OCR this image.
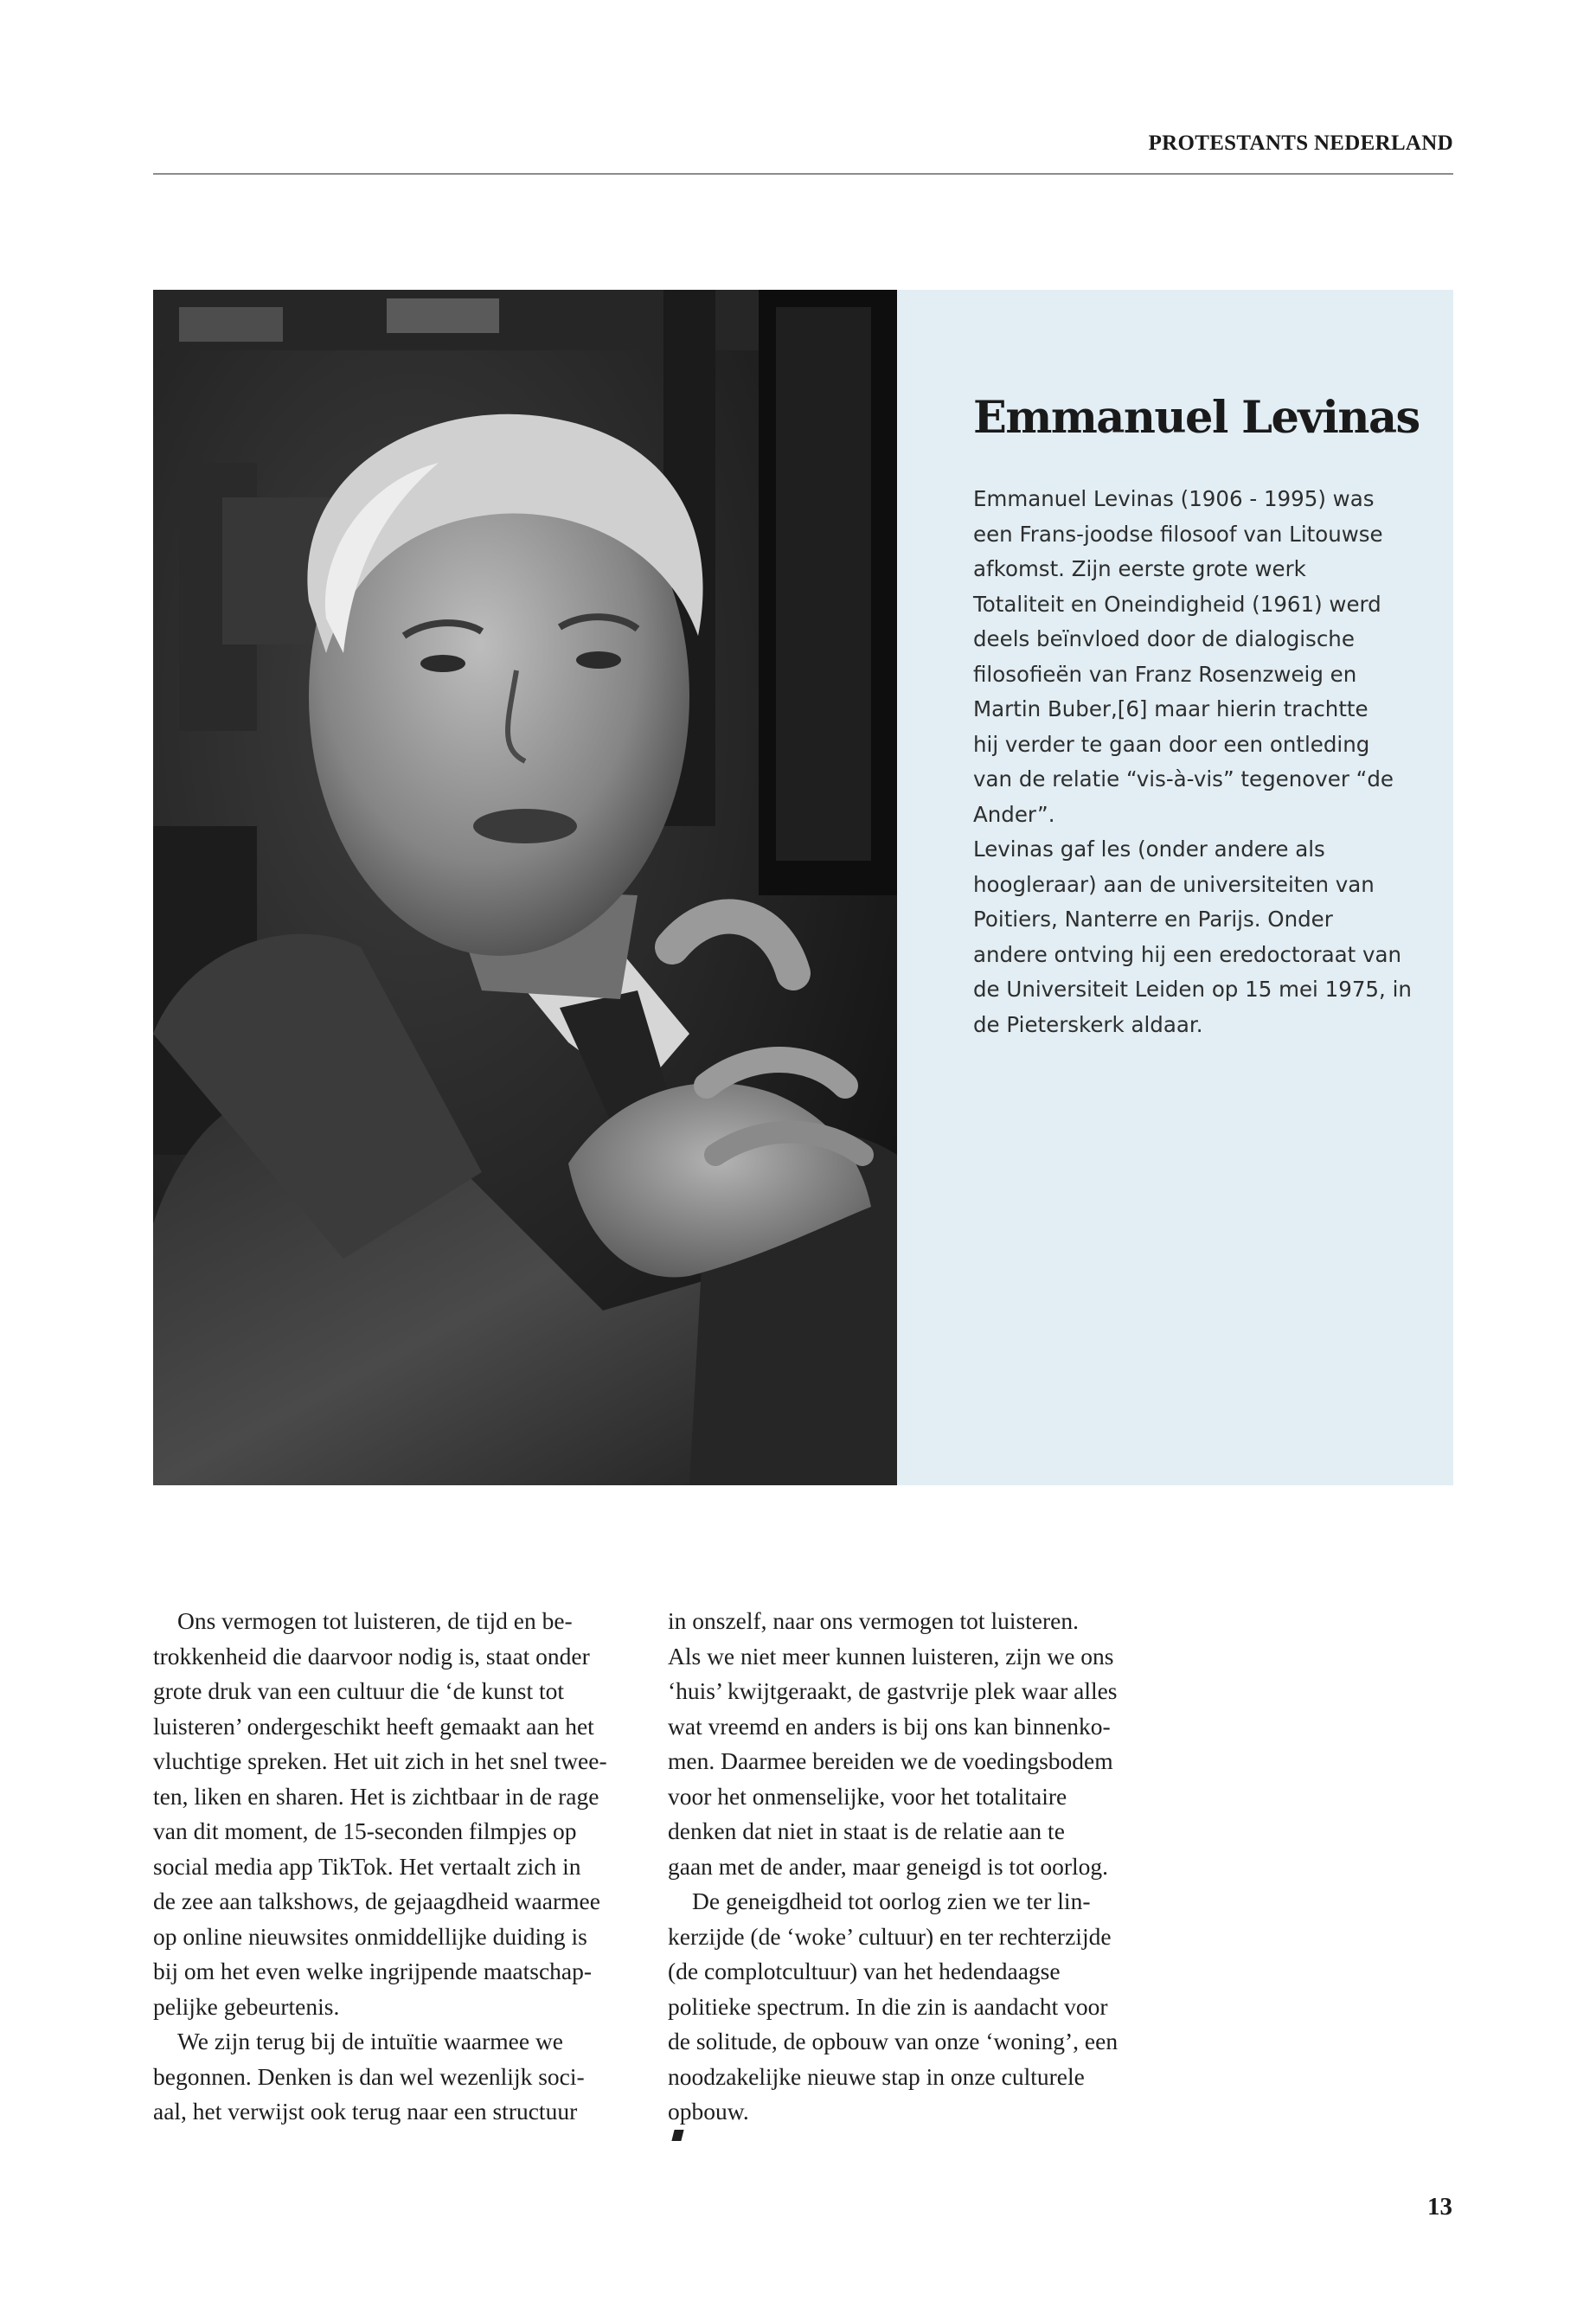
PROTESTANTS NEDERLAND
Emmanuel Levinas
Emmanuel Levinas (1906 - 1995) was
een Frans-joodse filosoof van Litouwse
afkomst. Zijn eerste grote werk
Totaliteit en Oneindigheid (1961) werd
deels beïnvloed door de dialogische
filosofieën van Franz Rosenzweig en
Martin Buber,[6] maar hierin trachtte
hij verder te gaan door een ontleding
van de relatie “vis-à-vis” tegenover “de
Ander”.
Levinas gaf les (onder andere als
hoogleraar) aan de universiteiten van
Poitiers, Nanterre en Parijs. Onder
andere ontving hij een eredoctoraat van
de Universiteit Leiden op 15 mei 1975, in
de Pieterskerk aldaar.
Ons vermogen tot luisteren, de tijd en be-
trokkenheid die daarvoor nodig is, staat onder
grote druk van een cultuur die ‘de kunst tot
luisteren’ ondergeschikt heeft gemaakt aan het
vluchtige spreken. Het uit zich in het snel tweе-
ten, liken en sharen. Het is zichtbaar in de rage
van dit moment, de 15-seconden filmpjes op
social media app TikTok. Het vertaalt zich in
de zee aan talkshows, de gejaagdheid waarmee
op online nieuwsites onmiddellijke duiding is
bij om het even welke ingrijpende maatschap-
pelijke gebeurtenis.
We zijn terug bij de intuïtie waarmee we
begonnen. Denken is dan wel wezenlijk soci-
aal, het verwijst ook terug naar een structuur
in onszelf, naar ons vermogen tot luisteren.
Als we niet meer kunnen luisteren, zijn we ons
‘huis’ kwijtgeraakt, de gastvrije plek waar alles
wat vreemd en anders is bij ons kan binnenko-
men. Daarmee bereiden we de voedingsbodem
voor het onmenselijke, voor het totalitaire
denken dat niet in staat is de relatie aan te
gaan met de ander, maar geneigd is tot oorlog.
De geneigdheid tot oorlog zien we ter lin-
kerzijde (de ‘woke’ cultuur) en ter rechterzijde
(de complotcultuur) van het hedendaagse
politieke spectrum. In die zin is aandacht voor
de solitude, de opbouw van onze ‘woning’, een
noodzakelijke nieuwe stap in onze culturele
opbouw.
13
